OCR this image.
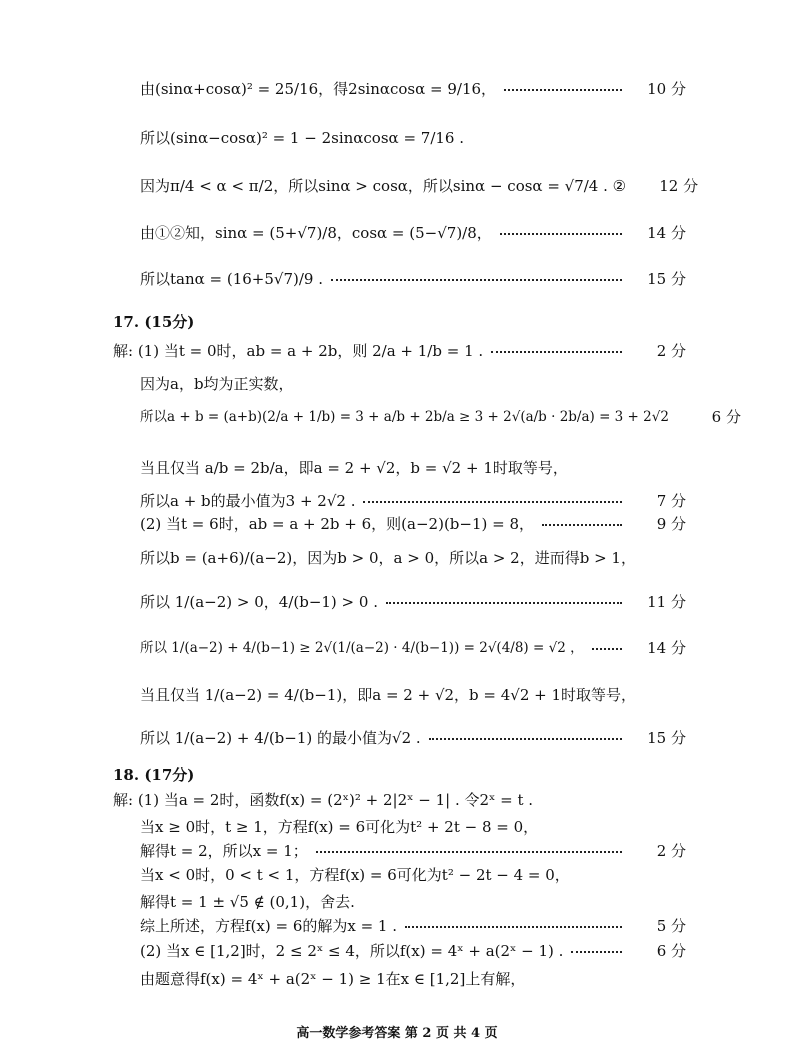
由(sinα+cosα)² = 25/16，得2sinαcosα = 9/16，	10 分
所以(sinα−cosα)² = 1 − 2sinαcosα = 7/16 .
因为π/4 < α < π/2，所以sinα > cosα，所以sinα − cosα = √7/4 . ②	12 分
由①②知，sinα = (5+√7)/8，cosα = (5−√7)/8，	14 分
所以tanα = (16+5√7)/9 .	15 分
17. (15分)
解: (1) 当t = 0时，ab = a + 2b，则 2/a + 1/b = 1 .	2 分
因为a，b均为正实数，
所以a + b = (a+b)(2/a + 1/b) = 3 + a/b + 2b/a ≥ 3 + 2√(a/b · 2b/a) = 3 + 2√2	6 分
当且仅当 a/b = 2b/a，即a = 2 + √2，b = √2 + 1时取等号，
所以a + b的最小值为3 + 2√2 .	7 分
(2) 当t = 6时，ab = a + 2b + 6，则(a−2)(b−1) = 8，	9 分
所以b = (a+6)/(a−2)，因为b > 0，a > 0，所以a > 2，进而得b > 1，
所以 1/(a−2) > 0，4/(b−1) > 0 .	11 分
所以 1/(a−2) + 4/(b−1) ≥ 2√(1/(a−2) · 4/(b−1)) = 2√(4/8) = √2 ，	14 分
当且仅当 1/(a−2) = 4/(b−1)，即a = 2 + √2，b = 4√2 + 1时取等号，
所以 1/(a−2) + 4/(b−1) 的最小值为√2 .	15 分
18. (17分)
解: (1) 当a = 2时，函数f(x) = (2ˣ)² + 2|2ˣ − 1| . 令2ˣ = t .
当x ≥ 0时，t ≥ 1，方程f(x) = 6可化为t² + 2t − 8 = 0，
解得t = 2，所以x = 1；	2 分
当x < 0时，0 < t < 1，方程f(x) = 6可化为t² − 2t − 4 = 0，
解得t = 1 ± √5 ∉ (0,1)，舍去.
综上所述，方程f(x) = 6的解为x = 1 .	5 分
(2) 当x ∈ [1,2]时，2 ≤ 2ˣ ≤ 4，所以f(x) = 4ˣ + a(2ˣ − 1) .	6 分
由题意得f(x) = 4ˣ + a(2ˣ − 1) ≥ 1在x ∈ [1,2]上有解，
高一数学参考答案 第 2 页 共 4 页
